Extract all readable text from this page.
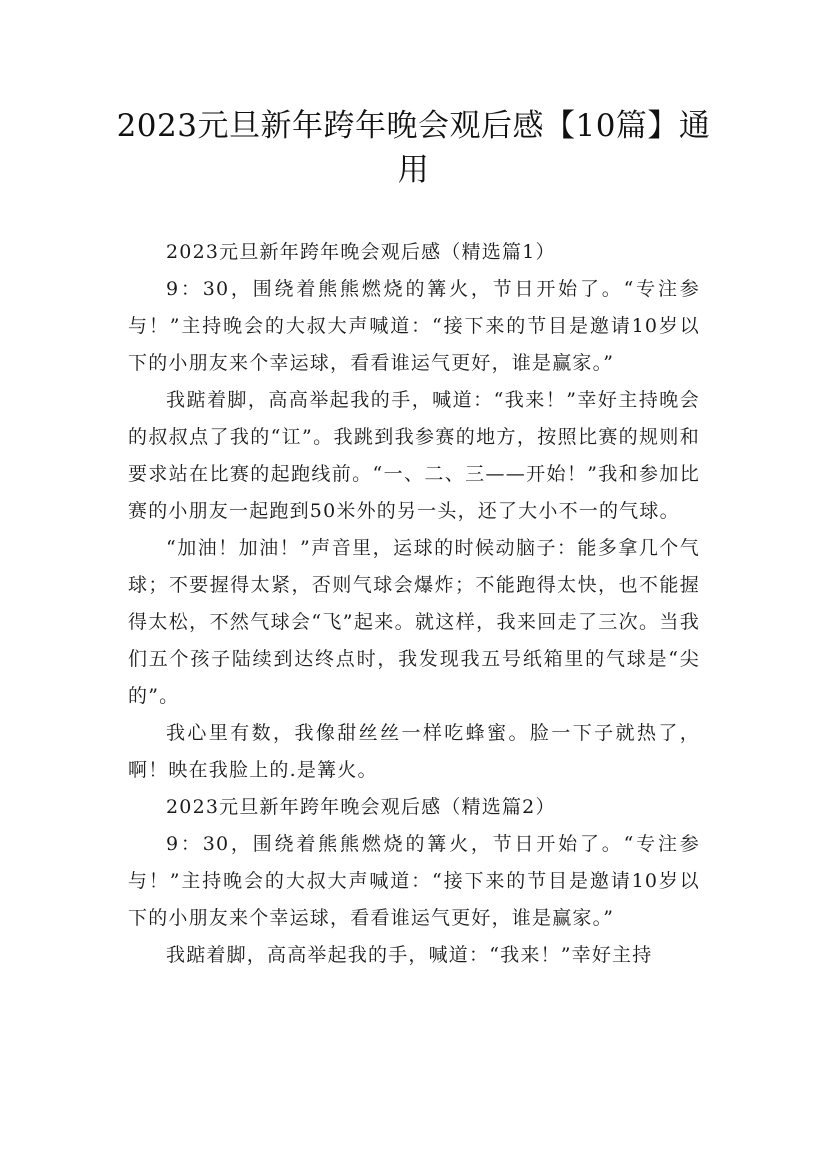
2023元旦新年跨年晚会观后感【10篇】通用

2023元旦新年跨年晚会观后感（精选篇1）

9：30，围绕着熊熊燃烧的篝火，节日开始了。“专注参与！”主持晚会的大叔大声喊道：“接下来的节目是邀请10岁以下的小朋友来个幸运球，看看谁运气更好，谁是赢家。”

我踮着脚，高高举起我的手，喊道：“我来！”幸好主持晚会的叔叔点了我的“讧”。我跳到我参赛的地方，按照比赛的规则和要求站在比赛的起跑线前。“一、二、三——开始！”我和参加比赛的小朋友一起跑到50米外的另一头，还了大小不一的气球。

“加油！加油！”声音里，运球的时候动脑子：能多拿几个气球；不要握得太紧，否则气球会爆炸；不能跑得太快，也不能握得太松，不然气球会“飞”起来。就这样，我来回走了三次。当我们五个孩子陆续到达终点时，我发现我五号纸箱里的气球是“尖的”。

我心里有数，我像甜丝丝一样吃蜂蜜。脸一下子就热了，啊！映在我脸上的.是篝火。

2023元旦新年跨年晚会观后感（精选篇2）

9：30，围绕着熊熊燃烧的篝火，节日开始了。“专注参与！”主持晚会的大叔大声喊道：“接下来的节目是邀请10岁以下的小朋友来个幸运球，看看谁运气更好，谁是赢家。”

我踮着脚，高高举起我的手，喊道：“我来！”幸好主持
